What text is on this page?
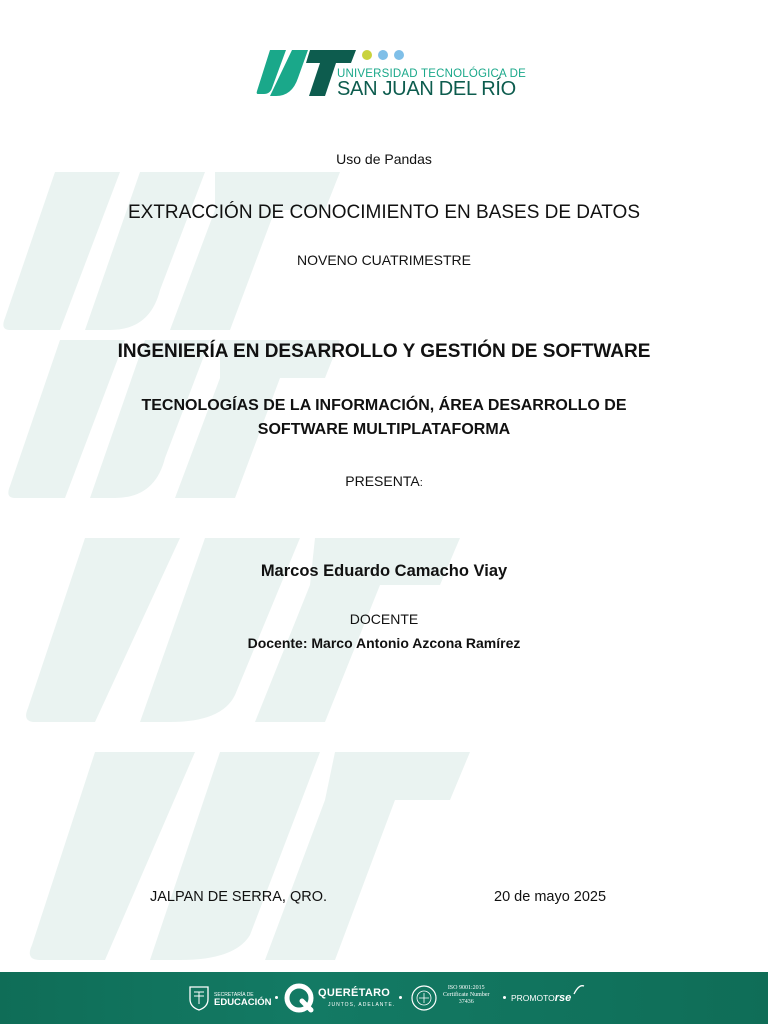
UNIVERSIDAD TECNOLÓGICA DE
SAN JUAN DEL RÍO
Uso de Pandas
EXTRACCIÓN DE CONOCIMIENTO EN BASES DE DATOS
NOVENO CUATRIMESTRE
INGENIERÍA EN DESARROLLO Y GESTIÓN DE SOFTWARE
TECNOLOGÍAS DE LA INFORMACIÓN, ÁREA DESARROLLO DE
SOFTWARE MULTIPLATAFORMA
PRESENTA:
Marcos Eduardo Camacho Viay
DOCENTE
Docente: Marco Antonio Azcona Ramírez
JALPAN DE SERRA, QRO.	20 de mayo 2025
SECRETARÍA DE
EDUCACIÓN
QUERÉTARO
JUNTOS, ADELANTE.
ISO 9001:2015
Certificate Number
37436	PROMOTOrse
